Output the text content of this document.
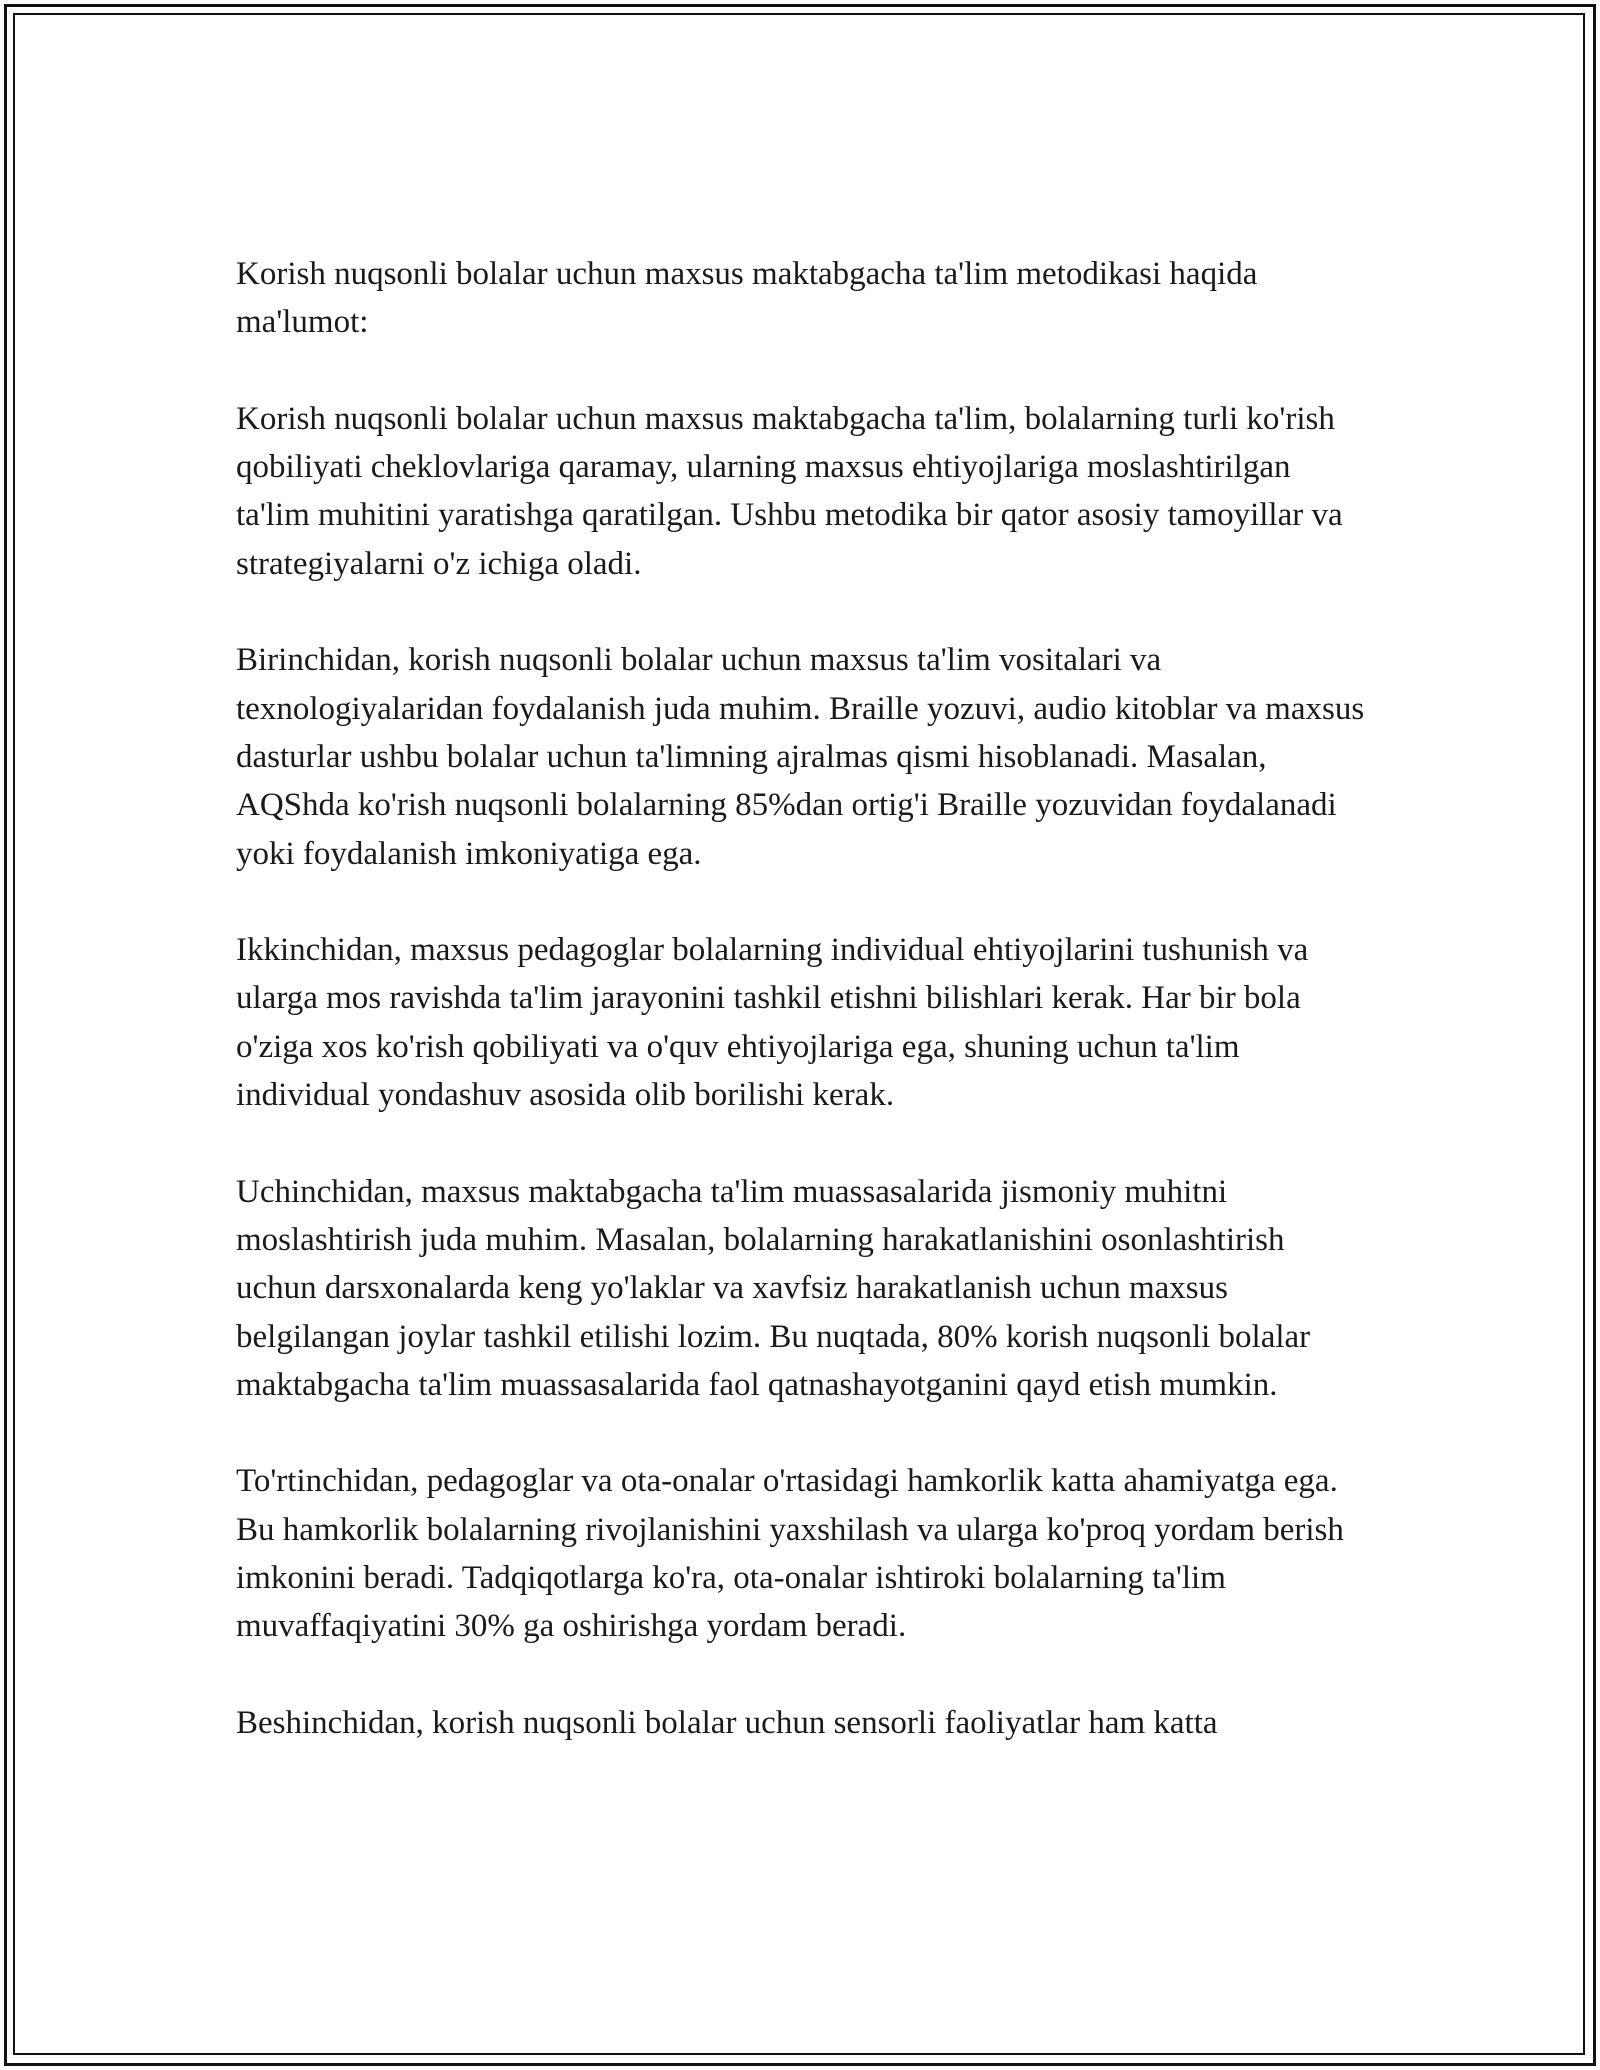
Korish nuqsonli bolalar uchun maxsus maktabgacha ta'lim metodikasi haqida ma'lumot:

Korish nuqsonli bolalar uchun maxsus maktabgacha ta'lim, bolalarning turli ko'rish qobiliyati cheklovlariga qaramay, ularning maxsus ehtiyojlariga moslashtirilgan ta'lim muhitini yaratishga qaratilgan. Ushbu metodika bir qator asosiy tamoyillar va strategiyalarni o'z ichiga oladi.

Birinchidan, korish nuqsonli bolalar uchun maxsus ta'lim vositalari va texnologiyalaridan foydalanish juda muhim. Braille yozuvi, audio kitoblar va maxsus dasturlar ushbu bolalar uchun ta'limning ajralmas qismi hisoblanadi. Masalan, AQShda ko'rish nuqsonli bolalarning 85%dan ortig'i Braille yozuvidan foydalanadi yoki foydalanish imkoniyatiga ega.

Ikkinchidan, maxsus pedagoglar bolalarning individual ehtiyojlarini tushunish va ularga mos ravishda ta'lim jarayonini tashkil etishni bilishlari kerak. Har bir bola o'ziga xos ko'rish qobiliyati va o'quv ehtiyojlariga ega, shuning uchun ta'lim individual yondashuv asosida olib borilishi kerak.

Uchinchidan, maxsus maktabgacha ta'lim muassasalarida jismoniy muhitni moslashtirish juda muhim. Masalan, bolalarning harakatlanishini osonlashtirish uchun darsxonalarda keng yo'laklar va xavfsiz harakatlanish uchun maxsus belgilangan joylar tashkil etilishi lozim. Bu nuqtada, 80% korish nuqsonli bolalar maktabgacha ta'lim muassasalarida faol qatnashayotganini qayd etish mumkin.

To'rtinchidan, pedagoglar va ota-onalar o'rtasidagi hamkorlik katta ahamiyatga ega. Bu hamkorlik bolalarning rivojlanishini yaxshilash va ularga ko'proq yordam berish imkonini beradi. Tadqiqotlarga ko'ra, ota-onalar ishtiroki bolalarning ta'lim muvaffaqiyatini 30% ga oshirishga yordam beradi.

Beshinchidan, korish nuqsonli bolalar uchun sensorli faoliyatlar ham katta
